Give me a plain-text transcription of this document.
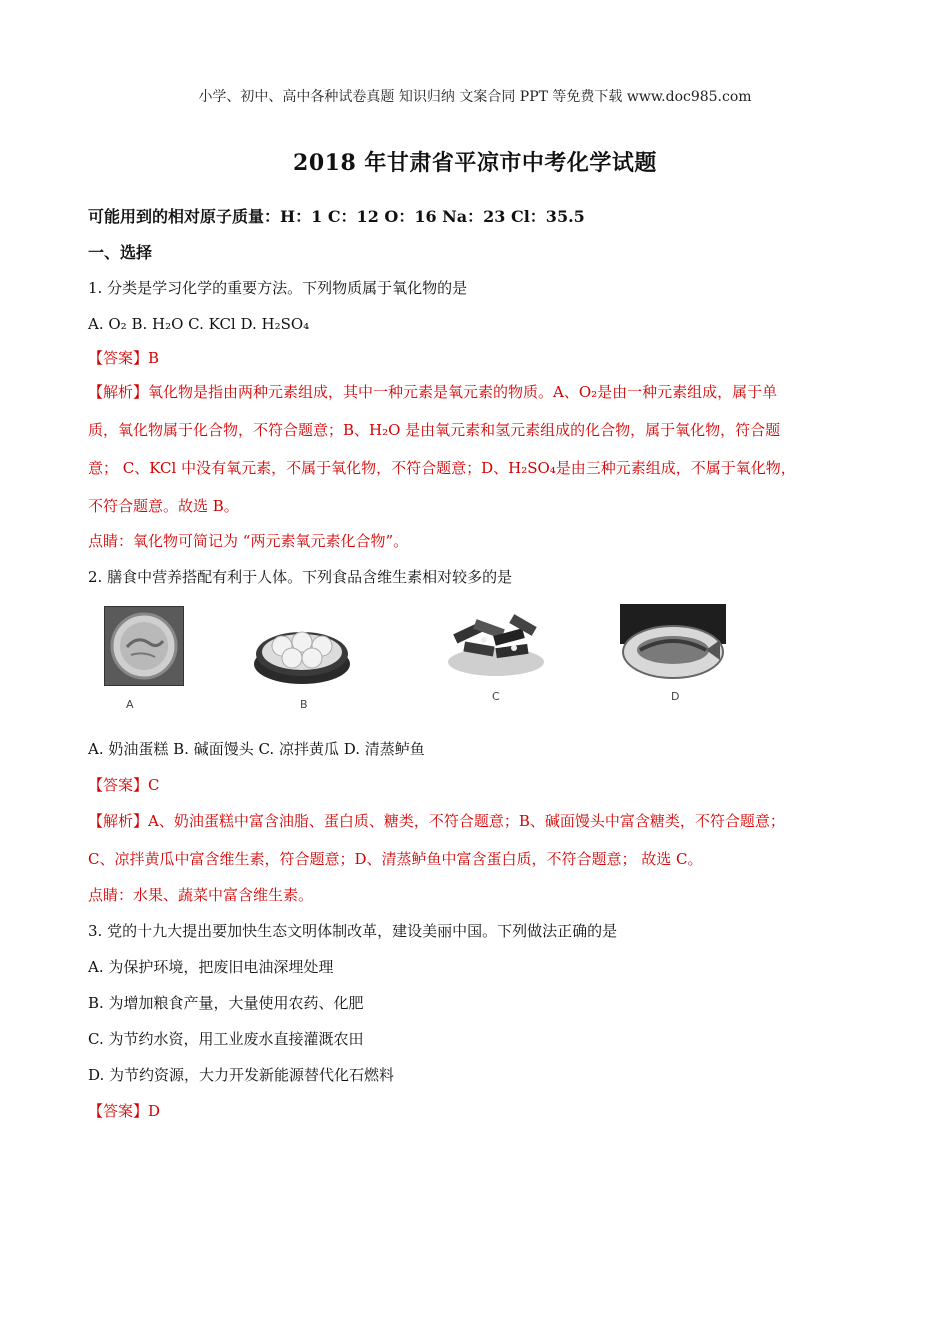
小学、初中、高中各种试卷真题 知识归纳 文案合同 PPT 等免费下载 www.doc985.com
2018 年甘肃省平凉市中考化学试题
可能用到的相对原子质量：H：1 C：12 O：16 Na：23 Cl：35.5
一、选择
1. 分类是学习化学的重要方法。下列物质属于氧化物的是
A. O₂ B. H₂O C. KCl D. H₂SO₄
【答案】B
【解析】氧化物是指由两种元素组成，其中一种元素是氧元素的物质。A、O₂是由一种元素组成，属于单
质，氧化物属于化合物，不符合题意；B、H₂O 是由氧元素和氢元素组成的化合物，属于氧化物，符合题
意； C、KCl 中没有氧元素，不属于氧化物，不符合题意；D、H₂SO₄是由三种元素组成，不属于氧化物，
不符合题意。故选 B。
点睛：氧化物可简记为 “两元素氧元素化合物”。
2. 膳食中营养搭配有利于人体。下列食品含维生素相对较多的是
A	B
C	D
A. 奶油蛋糕 B. 碱面馒头 C. 凉拌黄瓜 D. 清蒸鲈鱼
【答案】C
【解析】A、奶油蛋糕中富含油脂、蛋白质、糖类，不符合题意；B、碱面馒头中富含糖类，不符合题意；
C、凉拌黄瓜中富含维生素，符合题意；D、清蒸鲈鱼中富含蛋白质，不符合题意； 故选 C。
点睛：水果、蔬菜中富含维生素。
3. 党的十九大提出要加快生态文明体制改革，建设美丽中国。下列做法正确的是
A. 为保护环境，把废旧电油深埋处理
B. 为增加粮食产量，大量使用农药、化肥
C. 为节约水资，用工业废水直接灌溉农田
D. 为节约资源，大力开发新能源替代化石燃料
【答案】D
